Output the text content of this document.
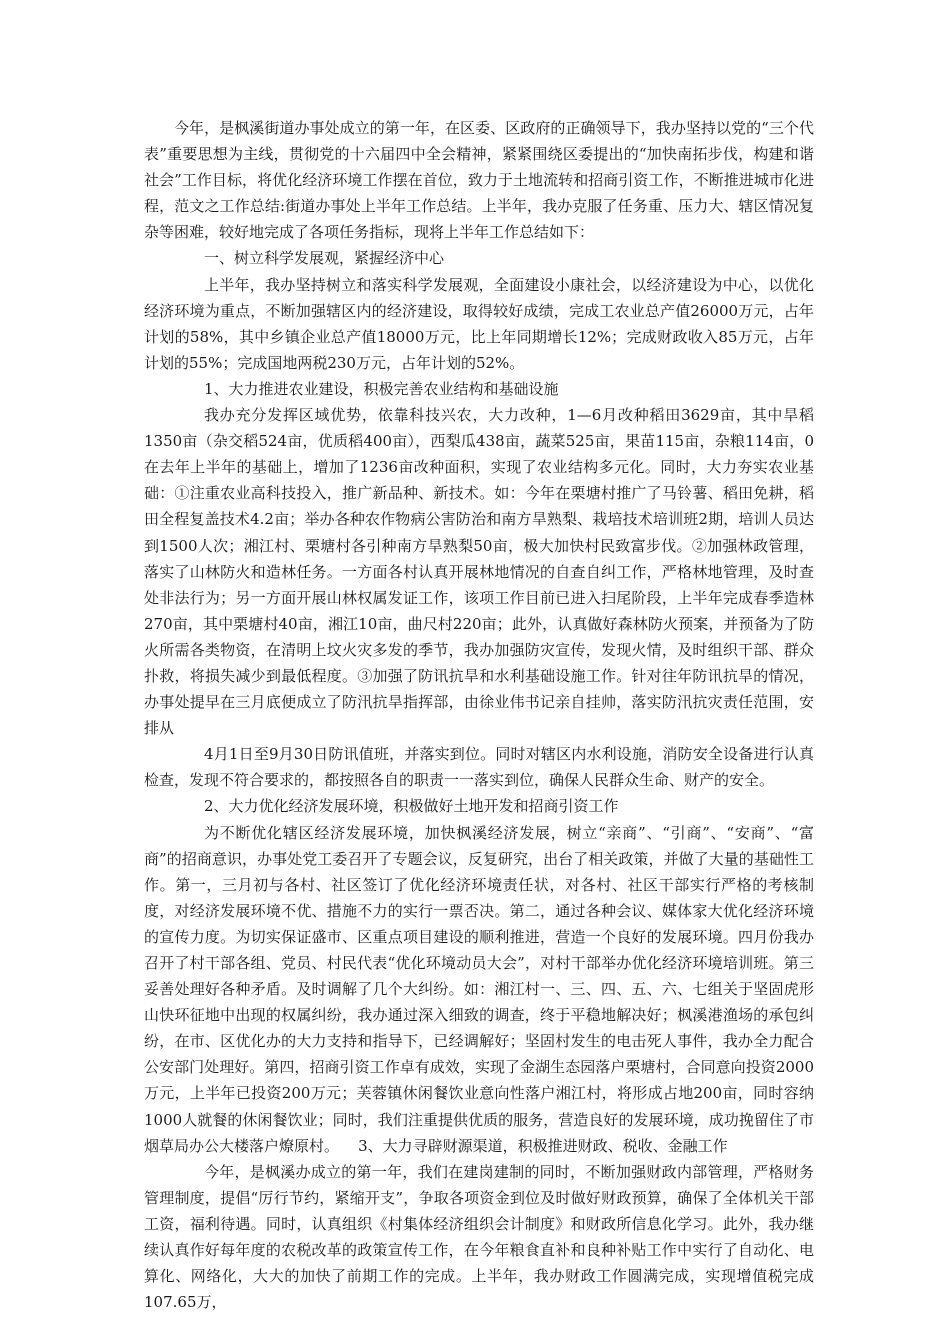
今年，是枫溪街道办事处成立的第一年，在区委、区政府的正确领导下，我办坚持以党的“三个代表”重要思想为主线，贯彻党的十六届四中全会精神，紧紧围绕区委提出的“加快南拓步伐，构建和谐社会”工作目标，将优化经济环境工作摆在首位，致力于土地流转和招商引资工作，不断推进城市化进程，范文之工作总结:街道办事处上半年工作总结。上半年，我办克服了任务重、压力大、辖区情况复杂等困难，较好地完成了各项任务指标，现将上半年工作总结如下：

一、树立科学发展观，紧握经济中心

上半年，我办坚持树立和落实科学发展观，全面建设小康社会，以经济建设为中心，以优化经济环境为重点，不断加强辖区内的经济建设，取得较好成绩，完成工农业总产值26000万元，占年计划的58%，其中乡镇企业总产值18000万元，比上年同期增长12%；完成财政收入85万元，占年计划的55%；完成国地两税230万元，占年计划的52%。

1、大力推进农业建设，积极完善农业结构和基础设施

我办充分发挥区域优势，依靠科技兴农，大力改种，1—6月改种稻田3629亩，其中旱稻1350亩（杂交稻524亩，优质稻400亩），西梨瓜438亩，蔬菜525亩，果苗115亩，杂粮114亩，0在去年上半年的基础上，增加了1236亩改种面积，实现了农业结构多元化。同时，大力夯实农业基础：①注重农业高科技投入，推广新品种、新技术。如：今年在栗塘村推广了马铃薯、稻田免耕，稻田全程复盖技术4.2亩；举办各种农作物病公害防治和南方旱熟梨、栽培技术培训班2期，培训人员达到1500人次；湘江村、栗塘村各引种南方旱熟梨50亩，极大加快村民致富步伐。②加强林政管理，落实了山林防火和造林任务。一方面各村认真开展林地情况的自查自纠工作，严格林地管理，及时查处非法行为；另一方面开展山林权属发证工作，该项工作目前已进入扫尾阶段，上半年完成春季造林270亩，其中栗塘村40亩，湘江10亩，曲尺村220亩；此外，认真做好森林防火预案，并预备为了防火所需各类物资，在清明上坟火灾多发的季节，我办加强防灾宣传，发现火情，及时组织干部、群众扑救，将损失减少到最低程度。③加强了防讯抗旱和水利基础设施工作。针对往年防讯抗旱的情况，办事处提早在三月底便成立了防汛抗旱指挥部，由徐业伟书记亲自挂帅，落实防汛抗灾责任范围，安排从

4月1日至9月30日防讯值班，并落实到位。同时对辖区内水利设施，消防安全设备进行认真检查，发现不符合要求的，都按照各自的职责一一落实到位，确保人民群众生命、财产的安全。

2、大力优化经济发展环境，积极做好土地开发和招商引资工作

为不断优化辖区经济发展环境，加快枫溪经济发展，树立“亲商”、“引商”、“安商”、“富商”的招商意识，办事处党工委召开了专题会议，反复研究，出台了相关政策，并做了大量的基础性工作。第一，三月初与各村、社区签订了优化经济环境责任状，对各村、社区干部实行严格的考核制度，对经济发展环境不优、措施不力的实行一票否决。第二，通过各种会议、媒体家大优化经济环境的宣传力度。为切实保证盛市、区重点项目建设的顺利推进，营造一个良好的发展环境。四月份我办召开了村干部各组、党员、村民代表“优化环境动员大会”，对村干部举办优化经济环境培训班。第三妥善处理好各种矛盾。及时调解了几个大纠纷。如：湘江村一、三、四、五、六、七组关于坚固虎形山快环征地中出现的权属纠纷，我办通过深入细致的调查，终于平稳地解决好；枫溪港渔场的承包纠纷，在市、区优化办的大力支持和指导下，已经调解好；坚固村发生的电击死人事件，我办全力配合公安部门处理好。第四，招商引资工作卓有成效，实现了金湖生态园落户栗塘村，合同意向投资2000万元，上半年已投资200万元；芙蓉镇休闲餐饮业意向性落户湘江村，将形成占地200亩，同时容纳1000人就餐的休闲餐饮业；同时，我们注重提供优质的服务，营造良好的发展环境，成功挽留住了市烟草局办公大楼落户燎原村。 3、大力寻辟财源渠道，积极推进财政、税收、金融工作

今年，是枫溪办成立的第一年，我们在建岗建制的同时，不断加强财政内部管理，严格财务管理制度，提倡“厉行节约，紧缩开支”，争取各项资金到位及时做好财政预算，确保了全体机关干部工资，福利待遇。同时，认真组织《村集体经济组织会计制度》和财政所信息化学习。此外，我办继续认真作好每年度的农税改革的政策宣传工作，在今年粮食直补和良种补贴工作中实行了自动化、电算化、网络化，大大的加快了前期工作的完成。上半年，我办财政工作圆满完成，实现增值税完成107.65万，
